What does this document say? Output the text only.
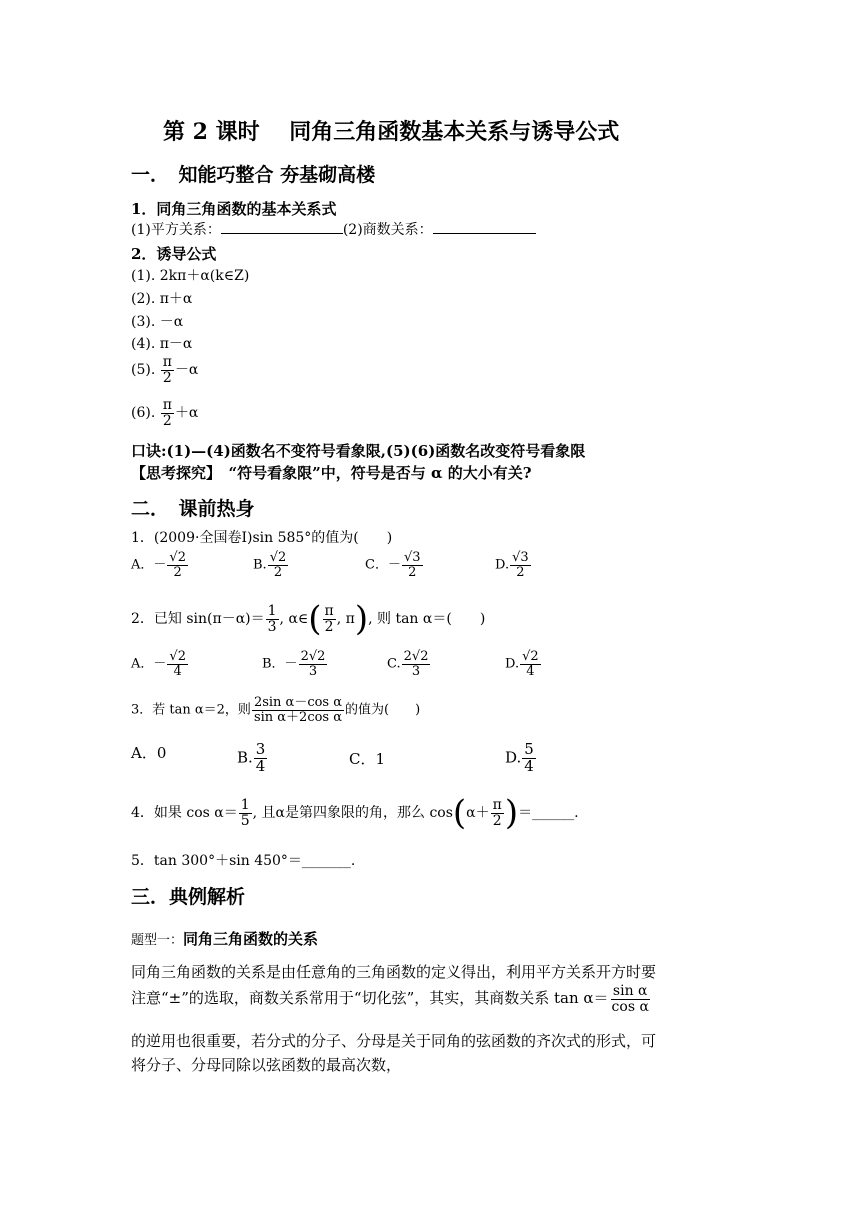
第 2 课时　 同角三角函数基本关系与诱导公式
一．　知能巧整合 夯基砌高楼
1．同角三角函数的基本关系式
(1)平方关系：	(2)商数关系：
2．诱导公式
(1). 2kπ＋α(k∈Z)
(2). π＋α
(3). －α
(4). π－α
(5). $\frac{\pi}{2} -\alpha$
(6). $\frac{\pi}{2} +\alpha$
口诀:(1)—(4)函数名不变符号看象限,(5)(6)函数名改变符号看象限
【思考探究】　 “符号看象限”中，符号是否与 α 的大小有关?
二．　课前热身
1．(2009·全国卷Ⅰ)sin 585°的值为(　　)
A．－ $\frac{√2}{2}$	B. $\frac{√2}{2}$	C．－ $\frac{√3}{2}$	D. $\frac{√3}{2}$
2．已知 $\sin(\pi-\alpha)= \frac{1}{3}$ , α∈( $\frac{\pi}{2}$ , π), 则 tan α＝(　　)
A．－ $\frac{√2}{4}$	B．－ $\frac{2√2}{3}$	C. $\frac{2√2}{3}$	D. $\frac{√2}{4}$
3．若 tan α＝2，则 $\frac{\text{2sin α－cos α}}{\text{sin α＋2cos α}}$ 的值为(　　)
A．0	B. $\frac{3}{4}$	C．1	D. $\frac{5}{4}$
4．如果 $\cos \alpha= \frac{1}{5}$ , 且α是第四象限的角，那么 $\cos(\alpha+ \frac{\pi}{2}$ )＝______.
5．tan 300°＋sin 450°＝_______.
三．典例解析
题型一：同角三角函数的关系
同角三角函数的关系是由任意角的三角函数的定义得出，利用平方关系开方时要
注意“±”的选取，商数关系常用于“切化弦”，其实，其商数关系 $\tan \alpha= \frac{\text{sin α}}{\text{cos α}}$
的逆用也很重要，若分式的分子、分母是关于同角的弦函数的齐次式的形式，可
将分子、分母同除以弦函数的最高次数，
